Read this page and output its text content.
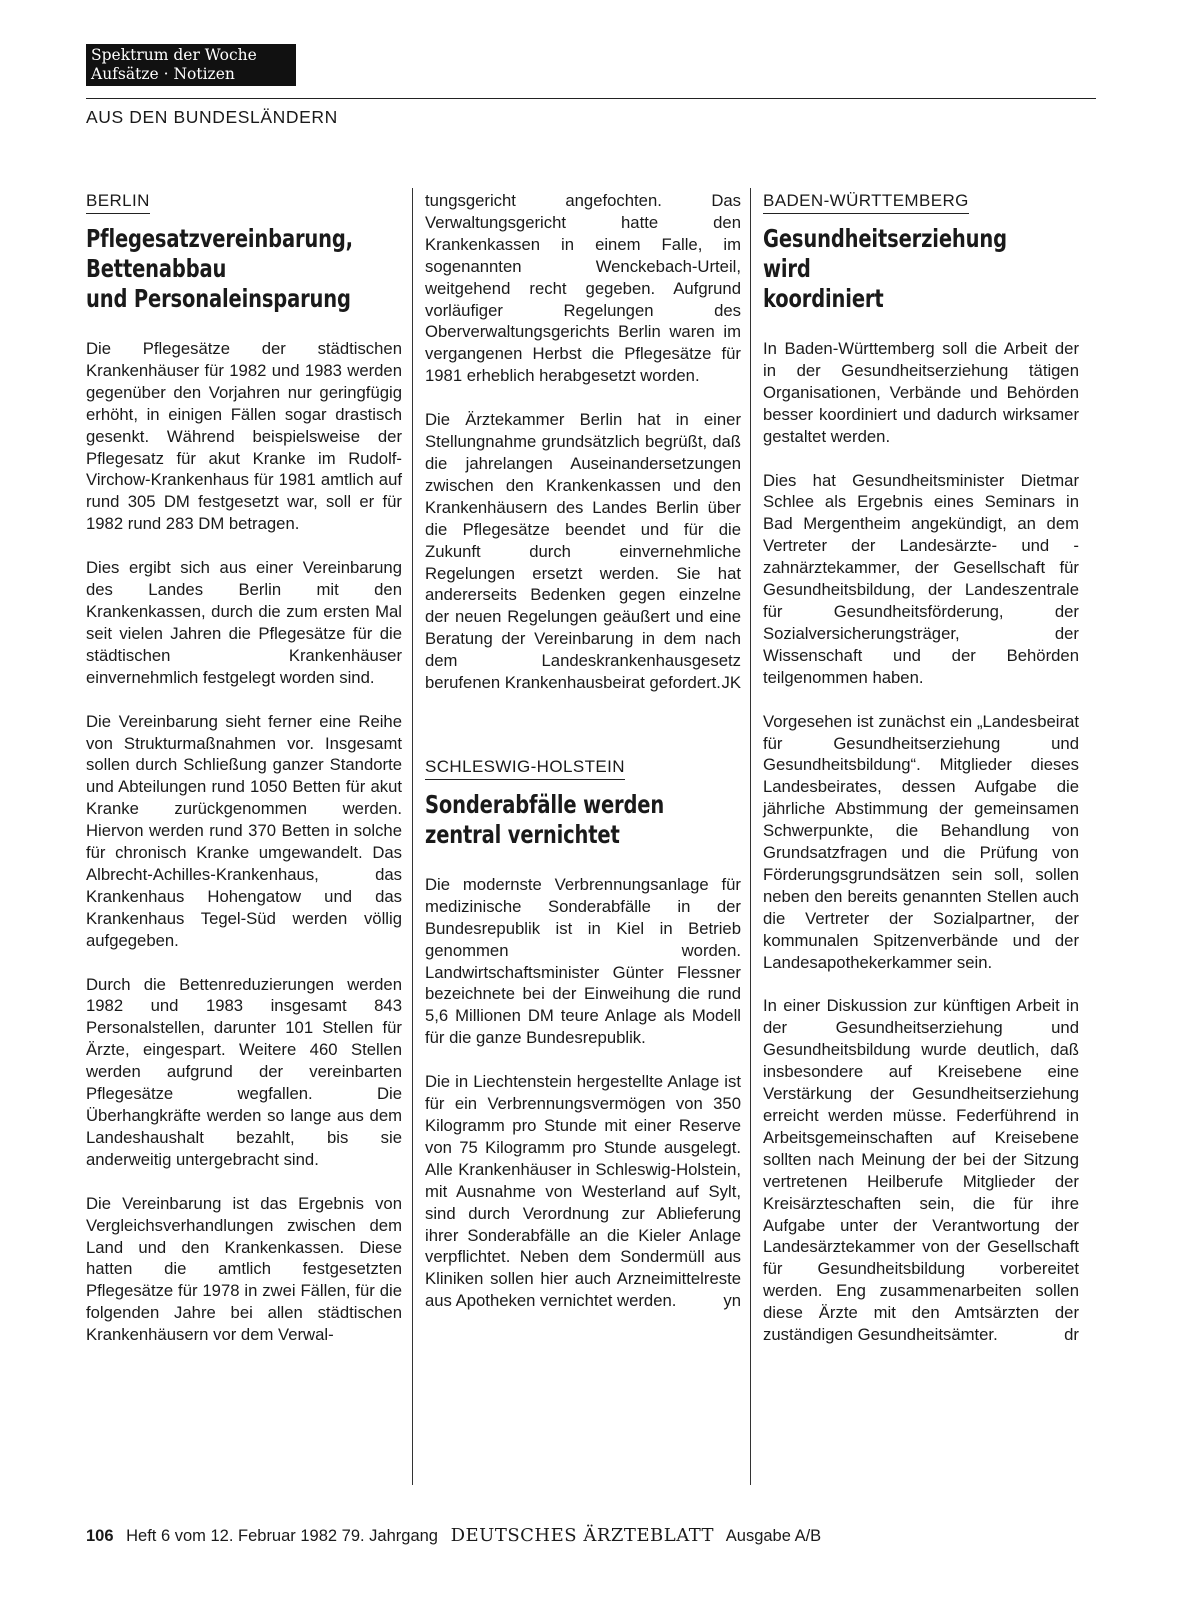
Spektrum der Woche
Aufsätze · Notizen
AUS DEN BUNDESLÄNDERN
BERLIN
Pflegesatzvereinbarung,
Bettenabbau
und Personaleinsparung

Die Pflegesätze der städtischen Krankenhäuser für 1982 und 1983 werden gegenüber den Vorjahren nur geringfügig erhöht, in einigen Fällen sogar drastisch gesenkt. Während beispielsweise der Pflegesatz für akut Kranke im Rudolf-Virchow-Krankenhaus für 1981 amtlich auf rund 305 DM festgesetzt war, soll er für 1982 rund 283 DM betragen.

Dies ergibt sich aus einer Vereinbarung des Landes Berlin mit den Krankenkassen, durch die zum ersten Mal seit vielen Jahren die Pflegesätze für die städtischen Krankenhäuser einvernehmlich festgelegt worden sind.

Die Vereinbarung sieht ferner eine Reihe von Strukturmaßnahmen vor. Insgesamt sollen durch Schließung ganzer Standorte und Abteilungen rund 1050 Betten für akut Kranke zurückgenommen werden. Hiervon werden rund 370 Betten in solche für chronisch Kranke umgewandelt. Das Albrecht-Achilles-Krankenhaus, das Krankenhaus Hohengatow und das Krankenhaus Tegel-Süd werden völlig aufgegeben.

Durch die Bettenreduzierungen werden 1982 und 1983 insgesamt 843 Personalstellen, darunter 101 Stellen für Ärzte, eingespart. Weitere 460 Stellen werden aufgrund der vereinbarten Pflegesätze wegfallen. Die Überhangkräfte werden so lange aus dem Landeshaushalt bezahlt, bis sie anderweitig untergebracht sind.

Die Vereinbarung ist das Ergebnis von Vergleichsverhandlungen zwischen dem Land und den Krankenkassen. Diese hatten die amtlich festgesetzten Pflegesätze für 1978 in zwei Fällen, für die folgenden Jahre bei allen städtischen Krankenhäusern vor dem Verwal-

tungsgericht angefochten. Das Verwaltungsgericht hatte den Krankenkassen in einem Falle, im sogenannten Wenckebach-Urteil, weitgehend recht gegeben. Aufgrund vorläufiger Regelungen des Oberverwaltungsgerichts Berlin waren im vergangenen Herbst die Pflegesätze für 1981 erheblich herabgesetzt worden.

Die Ärztekammer Berlin hat in einer Stellungnahme grundsätzlich begrüßt, daß die jahrelangen Auseinandersetzungen zwischen den Krankenkassen und den Krankenhäusern des Landes Berlin über die Pflegesätze beendet und für die Zukunft durch einvernehmliche Regelungen ersetzt werden. Sie hat andererseits Bedenken gegen einzelne der neuen Regelungen geäußert und eine Beratung der Vereinbarung in dem nach dem Landeskrankenhausgesetz berufenen Krankenhausbeirat gefordert. JK

SCHLESWIG-HOLSTEIN
Sonderabfälle werden
zentral vernichtet

Die modernste Verbrennungsanlage für medizinische Sonderabfälle in der Bundesrepublik ist in Kiel in Betrieb genommen worden. Landwirtschaftsminister Günter Flessner bezeichnete bei der Einweihung die rund 5,6 Millionen DM teure Anlage als Modell für die ganze Bundesrepublik.

Die in Liechtenstein hergestellte Anlage ist für ein Verbrennungsvermögen von 350 Kilogramm pro Stunde mit einer Reserve von 75 Kilogramm pro Stunde ausgelegt. Alle Krankenhäuser in Schleswig-Holstein, mit Ausnahme von Westerland auf Sylt, sind durch Verordnung zur Ablieferung ihrer Sonderabfälle an die Kieler Anlage verpflichtet. Neben dem Sondermüll aus Kliniken sollen hier auch Arzneimittelreste aus Apotheken vernichtet werden.	yn

BADEN-WÜRTTEMBERG
Gesundheitserziehung
wird
koordiniert

In Baden-Württemberg soll die Arbeit der in der Gesundheitserziehung tätigen Organisationen, Verbände und Behörden besser koordiniert und dadurch wirksamer gestaltet werden.

Dies hat Gesundheitsminister Dietmar Schlee als Ergebnis eines Seminars in Bad Mergentheim angekündigt, an dem Vertreter der Landesärzte- und -zahnärztekammer, der Gesellschaft für Gesundheitsbildung, der Landeszentrale für Gesundheitsförderung, der Sozialversicherungsträger, der Wissenschaft und der Behörden teilgenommen haben.

Vorgesehen ist zunächst ein „Landesbeirat für Gesundheitserziehung und Gesundheitsbildung“. Mitglieder dieses Landesbeirates, dessen Aufgabe die jährliche Abstimmung der gemeinsamen Schwerpunkte, die Behandlung von Grundsatzfragen und die Prüfung von Förderungsgrundsätzen sein soll, sollen neben den bereits genannten Stellen auch die Vertreter der Sozialpartner, der kommunalen Spitzenverbände und der Landesapothekerkammer sein.

In einer Diskussion zur künftigen Arbeit in der Gesundheitserziehung und Gesundheitsbildung wurde deutlich, daß insbesondere auf Kreisebene eine Verstärkung der Gesundheitserziehung erreicht werden müsse. Federführend in Arbeitsgemeinschaften auf Kreisebene sollten nach Meinung der bei der Sitzung vertretenen Heilberufe Mitglieder der Kreisärzteschaften sein, die für ihre Aufgabe unter der Verantwortung der Landesärztekammer von der Gesellschaft für Gesundheitsbildung vorbereitet werden. Eng zusammenarbeiten sollen diese Ärzte mit den Amtsärzten der zuständigen Gesundheitsämter.	dr

106 Heft 6 vom 12. Februar 1982 79. Jahrgang DEUTSCHES ÄRZTEBLATT Ausgabe A/B
